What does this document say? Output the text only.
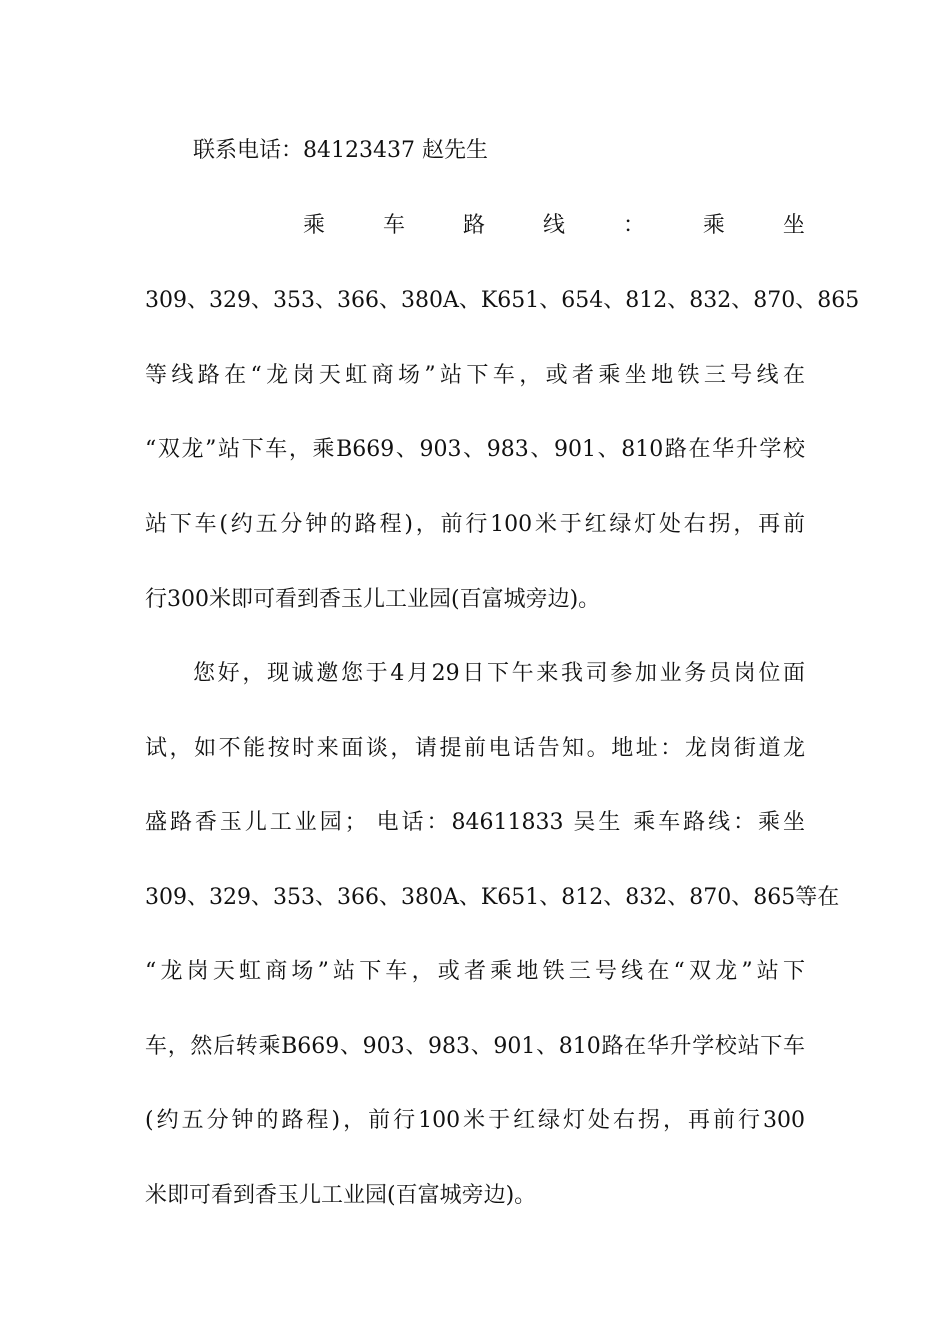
联系电话：84123437 赵先生
乘	车	路	线	：	乘	坐
309、329、353、366、380A、K651、654、812、832、870、865
等线路在“龙岗天虹商场”站下车，或者乘坐地铁三号线在
“双龙”站下车，乘B669、903、983、901、810路在华升学校
站下车(约五分钟的路程)，前行100米于红绿灯处右拐，再前
行300米即可看到香玉儿工业园(百富城旁边)。
您好，现诚邀您于4月29日下午来我司参加业务员岗位面
试，如不能按时来面谈，请提前电话告知。地址：龙岗街道龙
盛路香玉儿工业园； 电话：84611833 吴生 乘车路线：乘坐
309、329、353、366、380A、K651、812、832、870、865等在
“龙岗天虹商场”站下车，或者乘地铁三号线在“双龙”站下
车，然后转乘B669、903、983、901、810路在华升学校站下车
(约五分钟的路程)，前行100米于红绿灯处右拐，再前行300
米即可看到香玉儿工业园(百富城旁边)。
